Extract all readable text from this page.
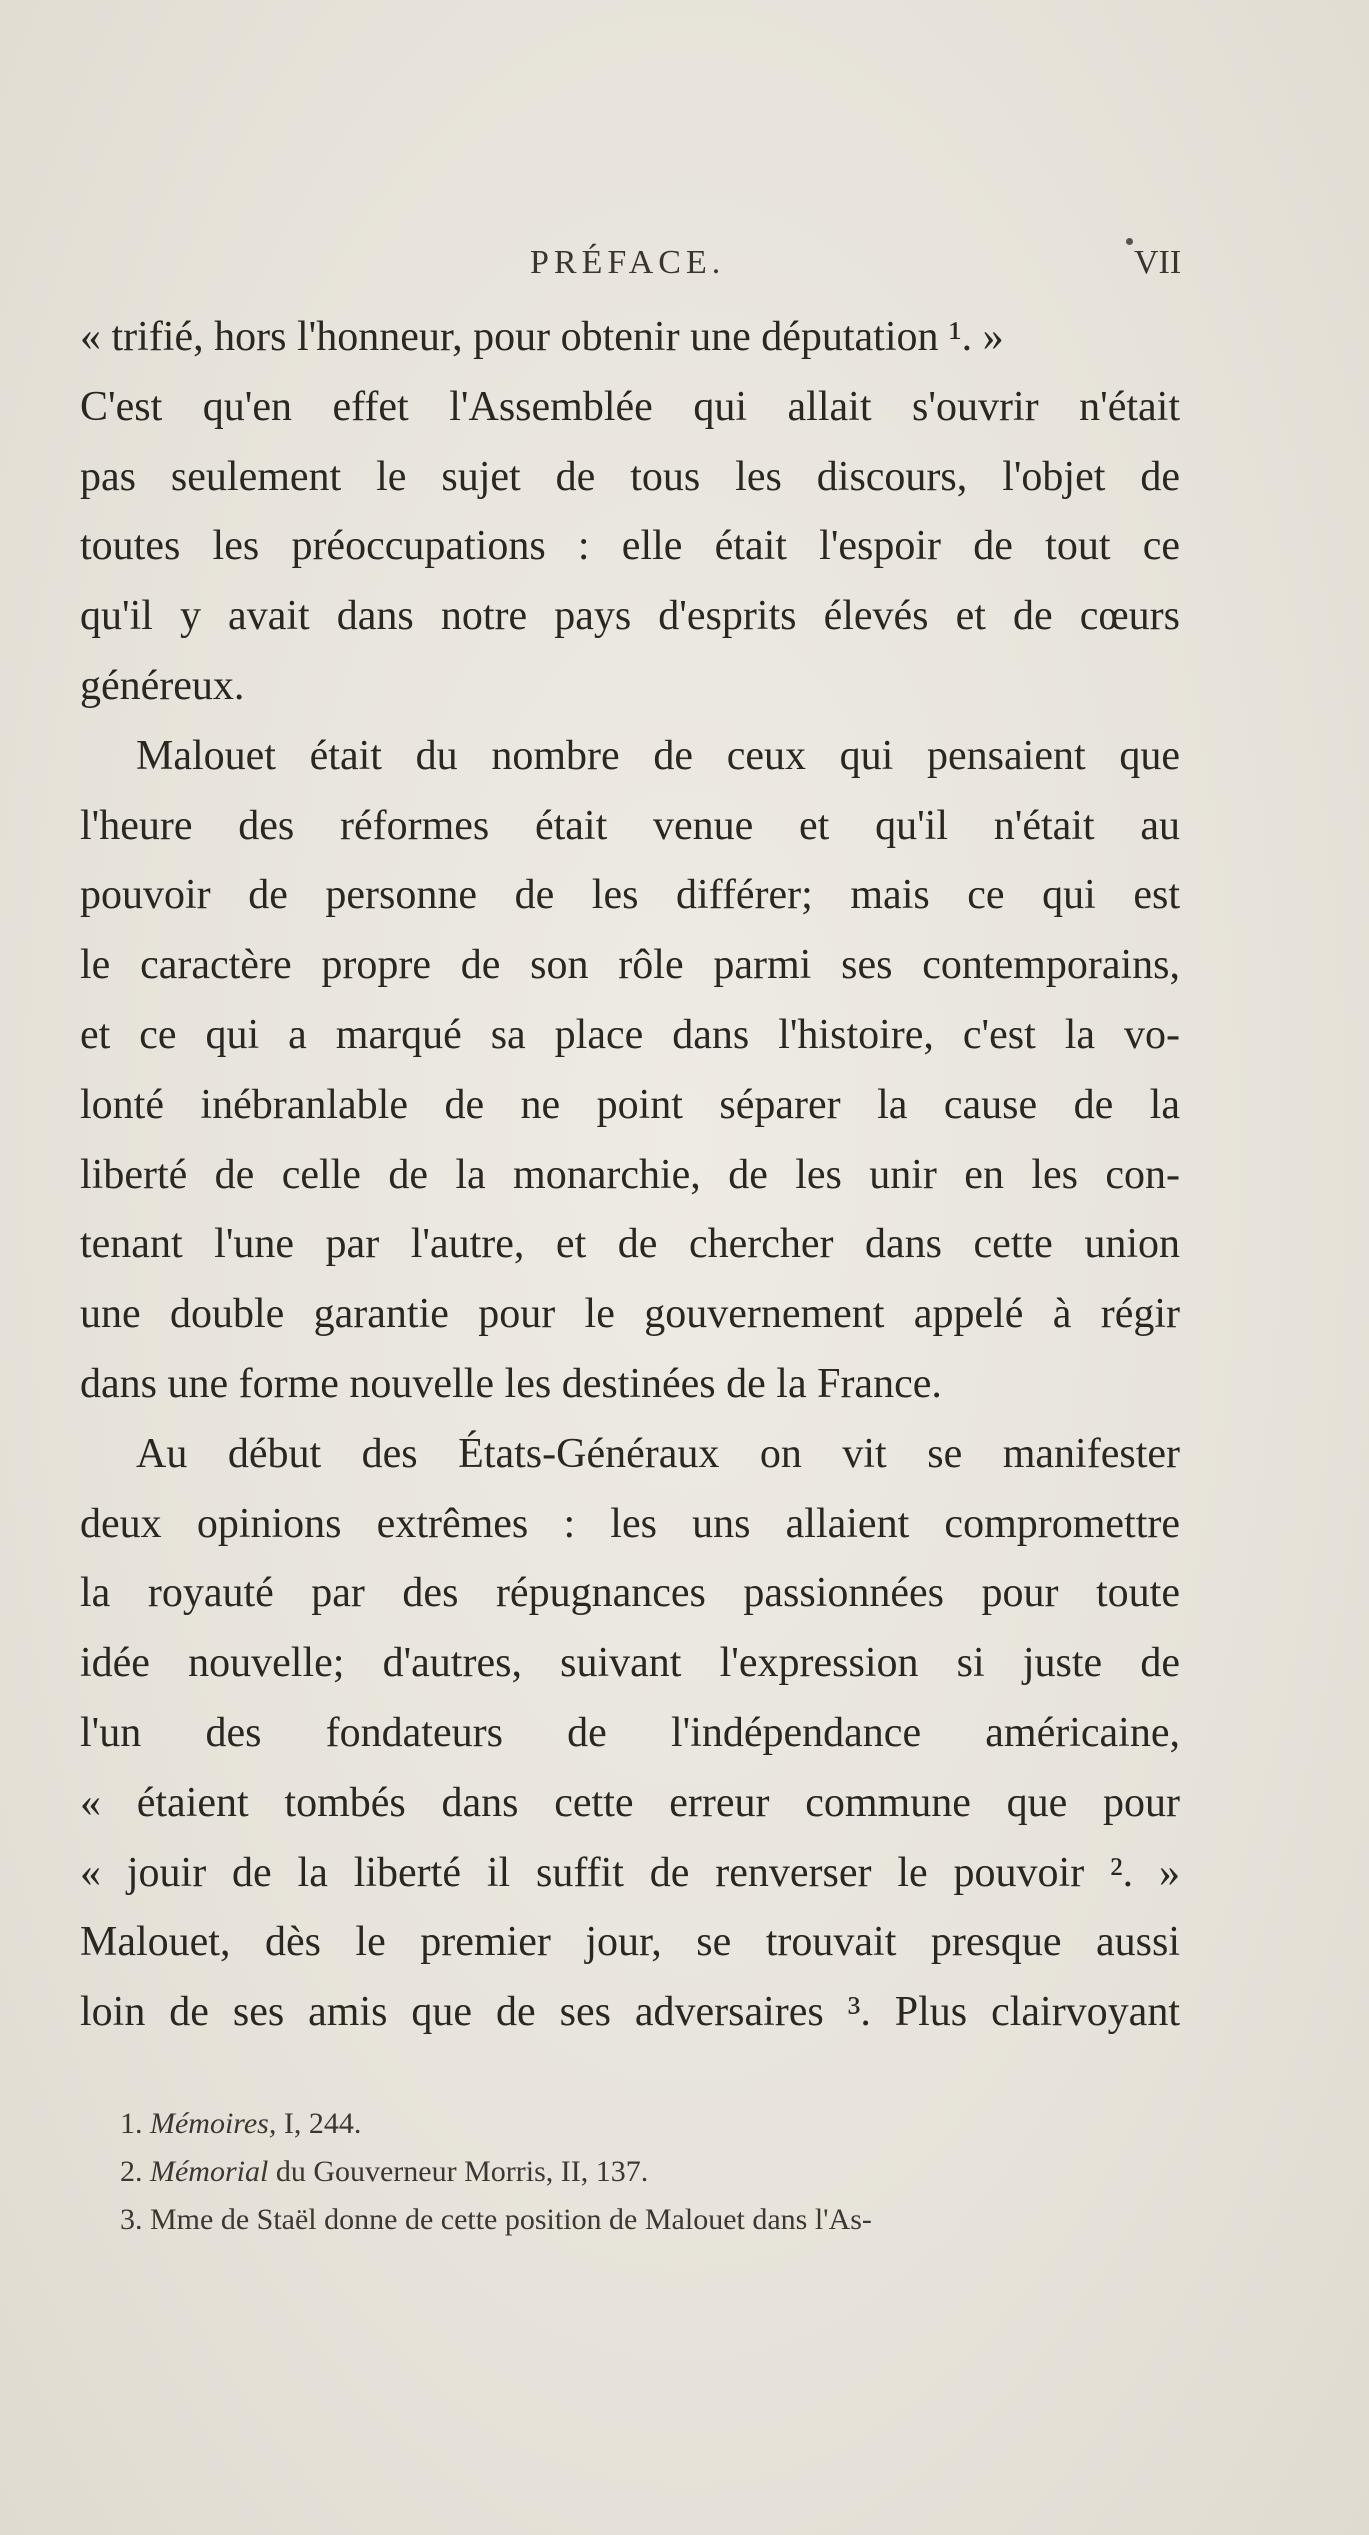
PRÉFACE.	VII
« trifié, hors l'honneur, pour obtenir une députation ¹. »
C'est qu'en effet l'Assemblée qui allait s'ouvrir n'était
pas seulement le sujet de tous les discours, l'objet de
toutes les préoccupations : elle était l'espoir de tout ce
qu'il y avait dans notre pays d'esprits élevés et de cœurs
généreux.
Malouet était du nombre de ceux qui pensaient que
l'heure des réformes était venue et qu'il n'était au
pouvoir de personne de les différer; mais ce qui est
le caractère propre de son rôle parmi ses contemporains,
et ce qui a marqué sa place dans l'histoire, c'est la vo-
lonté inébranlable de ne point séparer la cause de la
liberté de celle de la monarchie, de les unir en les con-
tenant l'une par l'autre, et de chercher dans cette union
une double garantie pour le gouvernement appelé à régir
dans une forme nouvelle les destinées de la France.
Au début des États-Généraux on vit se manifester
deux opinions extrêmes : les uns allaient compromettre
la royauté par des répugnances passionnées pour toute
idée nouvelle; d'autres, suivant l'expression si juste de
l'un des fondateurs de l'indépendance américaine,
« étaient tombés dans cette erreur commune que pour
« jouir de la liberté il suffit de renverser le pouvoir ². »
Malouet, dès le premier jour, se trouvait presque aussi
loin de ses amis que de ses adversaires ³. Plus clairvoyant
1. Mémoires, I, 244.
2. Mémorial du Gouverneur Morris, II, 137.
3. Mme de Staël donne de cette position de Malouet dans l'As-
